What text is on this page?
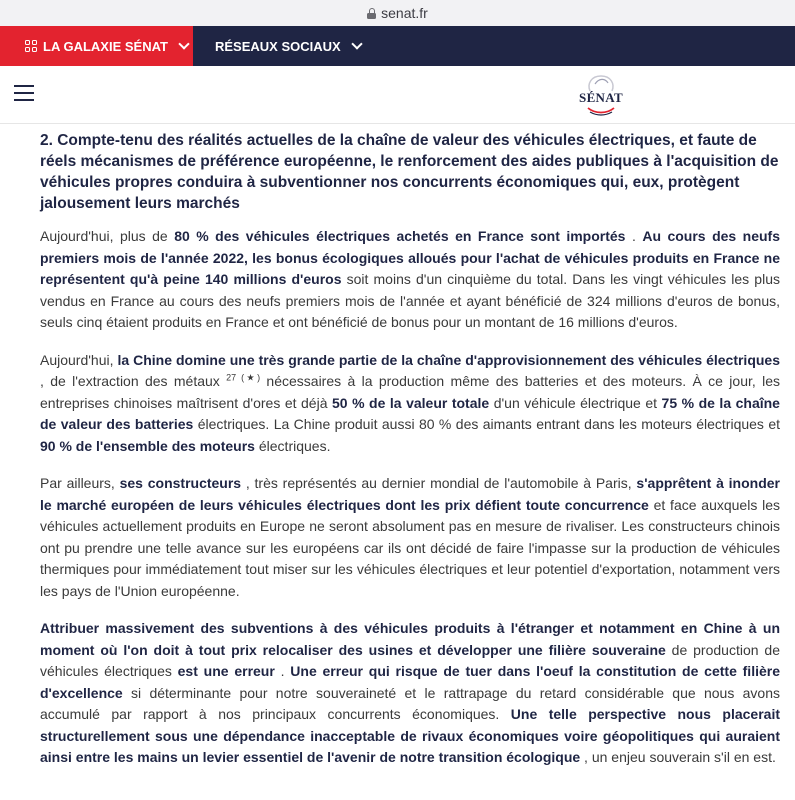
senat.fr
LA GALAXIE SÉNAT	RÉSEAUX SOCIAUX
SÉNAT
2. Compte-tenu des réalités actuelles de la chaîne de valeur des véhicules électriques, et faute de réels mécanismes de préférence européenne, le renforcement des aides publiques à l'acquisition de véhicules propres conduira à subventionner nos concurrents économiques qui, eux, protègent jalousement leurs marchés

Aujourd'hui, plus de 80 % des véhicules électriques achetés en France sont importés . Au cours des neufs premiers mois de l'année 2022, les bonus écologiques alloués pour l'achat de véhicules produits en France ne représentent qu'à peine 140 millions d'euros soit moins d'un cinquième du total. Dans les vingt véhicules les plus vendus en France au cours des neufs premiers mois de l'année et ayant bénéficié de 324 millions d'euros de bonus, seuls cinq étaient produits en France et ont bénéficié de bonus pour un montant de 16 millions d'euros.

Aujourd'hui, la Chine domine une très grande partie de la chaîne d'approvisionnement des véhicules électriques , de l'extraction des métaux $^{27 (★)}$ nécessaires à la production même des batteries et des moteurs. À ce jour, les entreprises chinoises maîtrisent d'ores et déjà 50 % de la valeur totale d'un véhicule électrique et 75 % de la chaîne de valeur des batteries électriques. La Chine produit aussi 80 % des aimants entrant dans les moteurs électriques et 90 % de l'ensemble des moteurs électriques.

Par ailleurs, ses constructeurs , très représentés au dernier mondial de l'automobile à Paris, s'apprêtent à inonder le marché européen de leurs véhicules électriques dont les prix défient toute concurrence et face auxquels les véhicules actuellement produits en Europe ne seront absolument pas en mesure de rivaliser. Les constructeurs chinois ont pu prendre une telle avance sur les européens car ils ont décidé de faire l'impasse sur la production de véhicules thermiques pour immédiatement tout miser sur les véhicules électriques et leur potentiel d'exportation, notamment vers les pays de l'Union européenne.

Attribuer massivement des subventions à des véhicules produits à l'étranger et notamment en Chine à un moment où l'on doit à tout prix relocaliser des usines et développer une filière souveraine de production de véhicules électriques est une erreur . Une erreur qui risque de tuer dans l'oeuf la constitution de cette filière d'excellence si déterminante pour notre souveraineté et le rattrapage du retard considérable que nous avons accumulé par rapport à nos principaux concurrents économiques. Une telle perspective nous placerait structurellement sous une dépendance inacceptable de rivaux économiques voire géopolitiques qui auraient ainsi entre les mains un levier essentiel de l'avenir de notre transition écologique , un enjeu souverain s'il en est.
